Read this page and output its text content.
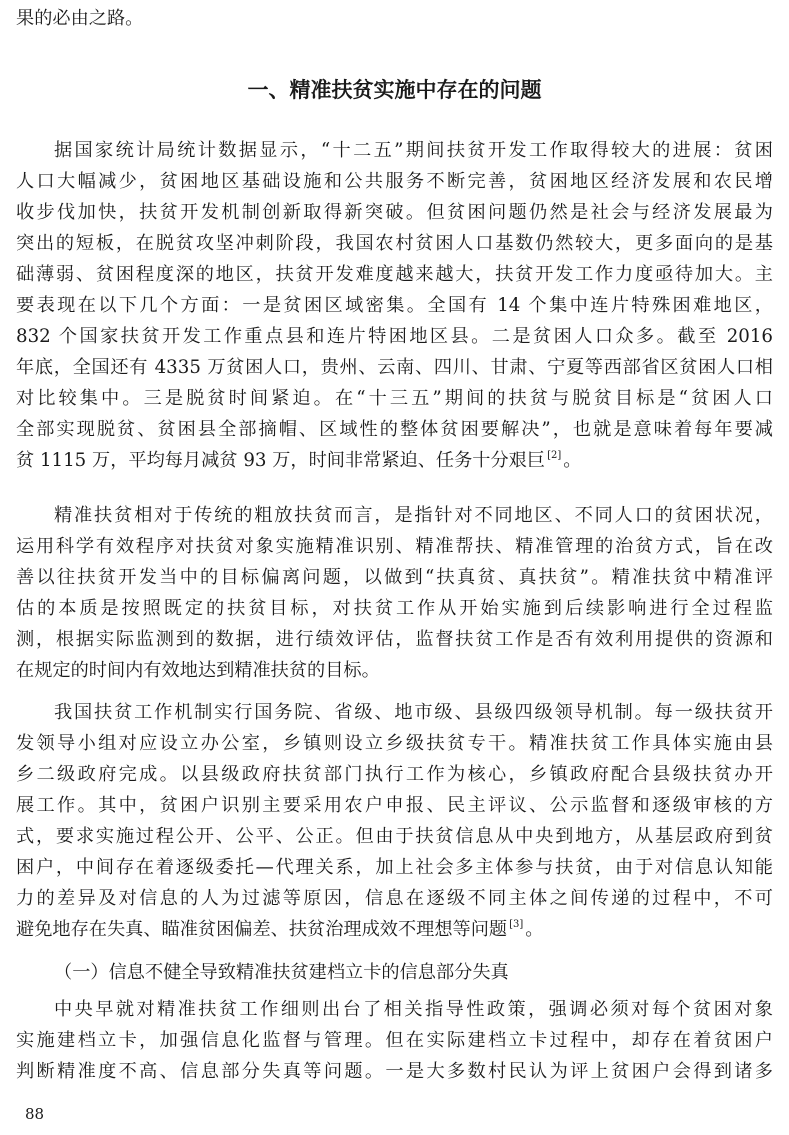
果的必由之路。
一、精准扶贫实施中存在的问题
据国家统计局统计数据显示，“十二五”期间扶贫开发工作取得较大的进展：贫困
人口大幅减少，贫困地区基础设施和公共服务不断完善，贫困地区经济发展和农民增
收步伐加快，扶贫开发机制创新取得新突破。但贫困问题仍然是社会与经济发展最为
突出的短板，在脱贫攻坚冲刺阶段，我国农村贫困人口基数仍然较大，更多面向的是基
础薄弱、贫困程度深的地区，扶贫开发难度越来越大，扶贫开发工作力度亟待加大。主
要表现在以下几个方面：一是贫困区域密集。全国有 14 个集中连片特殊困难地区，
832 个国家扶贫开发工作重点县和连片特困地区县。二是贫困人口众多。截至 2016
年底，全国还有 4335 万贫困人口，贵州、云南、四川、甘肃、宁夏等西部省区贫困人口相
对比较集中。三是脱贫时间紧迫。在“十三五”期间的扶贫与脱贫目标是“贫困人口
全部实现脱贫、贫困县全部摘帽、区域性的整体贫困要解决”，也就是意味着每年要减
贫 1115 万，平均每月减贫 93 万，时间非常紧迫、任务十分艰巨 [2] 。
精准扶贫相对于传统的粗放扶贫而言，是指针对不同地区、不同人口的贫困状况，
运用科学有效程序对扶贫对象实施精准识别、精准帮扶、精准管理的治贫方式，旨在改
善以往扶贫开发当中的目标偏离问题，以做到“扶真贫、真扶贫”。精准扶贫中精准评
估的本质是按照既定的扶贫目标，对扶贫工作从开始实施到后续影响进行全过程监
测，根据实际监测到的数据，进行绩效评估，监督扶贫工作是否有效利用提供的资源和
在规定的时间内有效地达到精准扶贫的目标。
我国扶贫工作机制实行国务院、省级、地市级、县级四级领导机制。每一级扶贫开
发领导小组对应设立办公室，乡镇则设立乡级扶贫专干。精准扶贫工作具体实施由县
乡二级政府完成。以县级政府扶贫部门执行工作为核心，乡镇政府配合县级扶贫办开
展工作。其中，贫困户识别主要采用农户申报、民主评议、公示监督和逐级审核的方
式，要求实施过程公开、公平、公正。但由于扶贫信息从中央到地方，从基层政府到贫
困户，中间存在着逐级委托—代理关系，加上社会多主体参与扶贫，由于对信息认知能
力的差异及对信息的人为过滤等原因，信息在逐级不同主体之间传递的过程中，不可
避免地存在失真、瞄准贫困偏差、扶贫治理成效不理想等问题 [3] 。
（一）信息不健全导致精准扶贫建档立卡的信息部分失真
中央早就对精准扶贫工作细则出台了相关指导性政策，强调必须对每个贫困对象
实施建档立卡，加强信息化监督与管理。但在实际建档立卡过程中，却存在着贫困户
判断精准度不高、信息部分失真等问题。一是大多数村民认为评上贫困户会得到诸多
88
